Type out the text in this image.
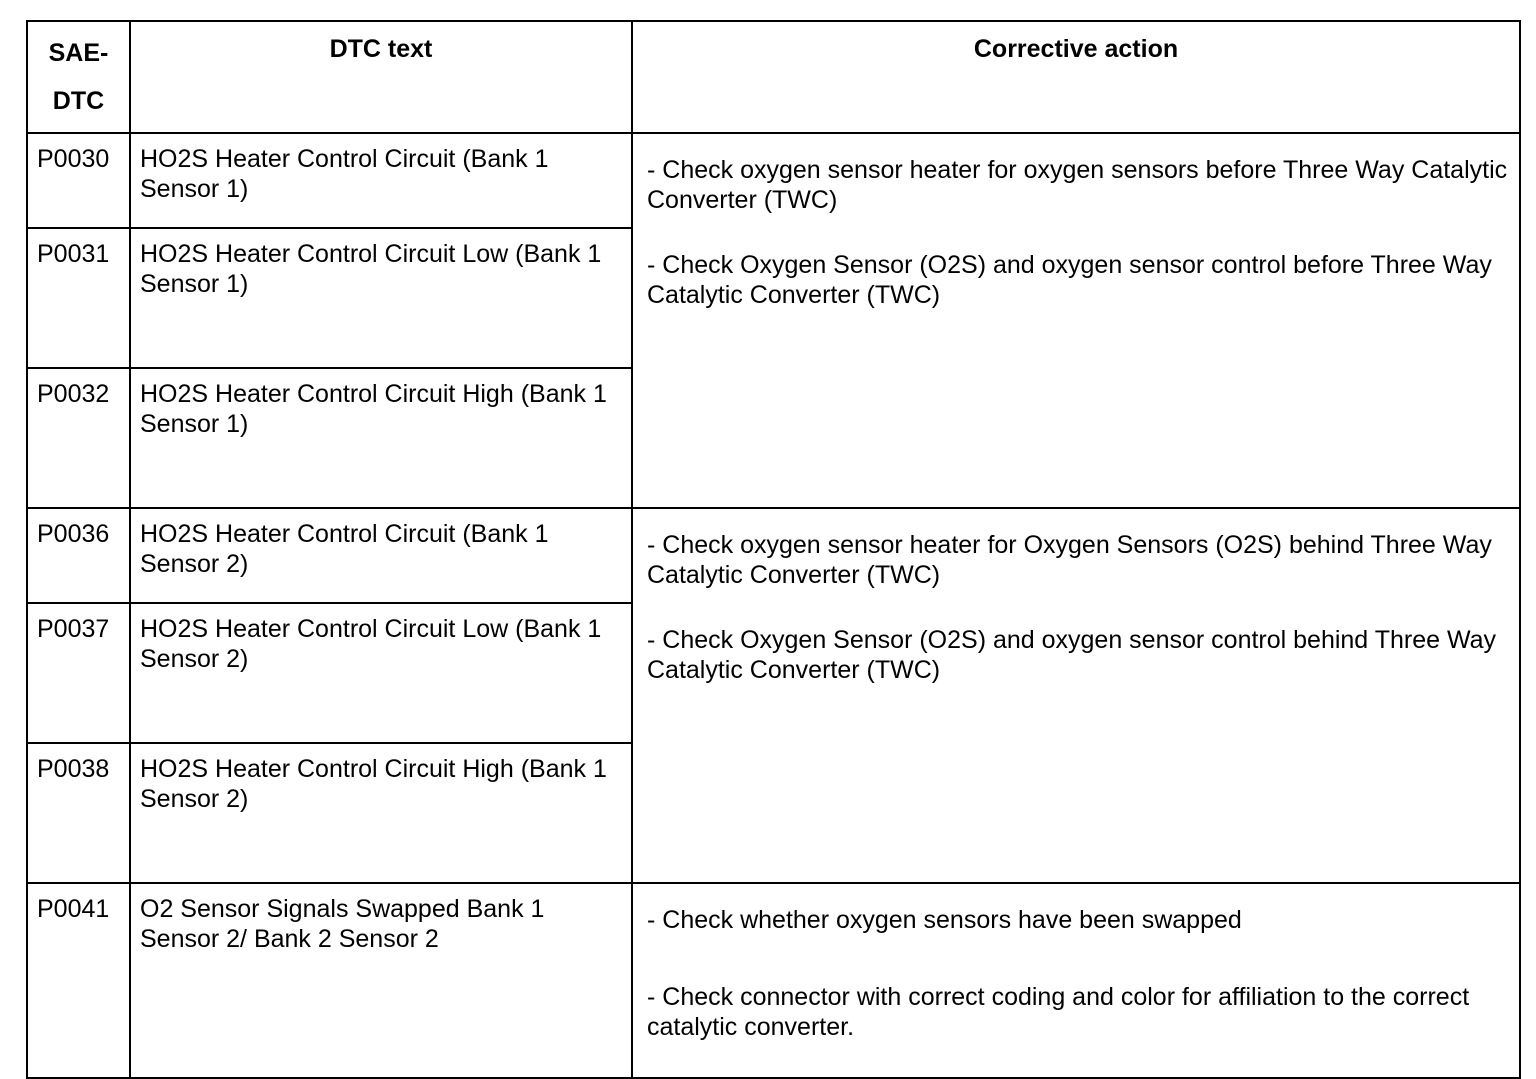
SAE-
DTC	DTC text	Corrective action
P0030	HO2S Heater Control Circuit (Bank 1 Sensor 1)	- Check oxygen sensor heater for oxygen sensors before Three Way Catalytic Converter (TWC)

- Check Oxygen Sensor (O2S) and oxygen sensor control before Three Way Catalytic Converter (TWC)

P0031	HO2S Heater Control Circuit Low (Bank 1 Sensor 1)	
P0032	HO2S Heater Control Circuit High (Bank 1 Sensor 1)	
P0036	HO2S Heater Control Circuit (Bank 1 Sensor 2)	- Check oxygen sensor heater for Oxygen Sensors (O2S) behind Three Way Catalytic Converter (TWC)

- Check Oxygen Sensor (O2S) and oxygen sensor control behind Three Way Catalytic Converter (TWC)

P0037	HO2S Heater Control Circuit Low (Bank 1 Sensor 2)	
P0038	HO2S Heater Control Circuit High (Bank 1 Sensor 2)	
P0041	O2 Sensor Signals Swapped Bank 1 Sensor 2/ Bank 2 Sensor 2	- Check whether oxygen sensors have been swapped

- Check connector with correct coding and color for affiliation to the correct catalytic converter.
